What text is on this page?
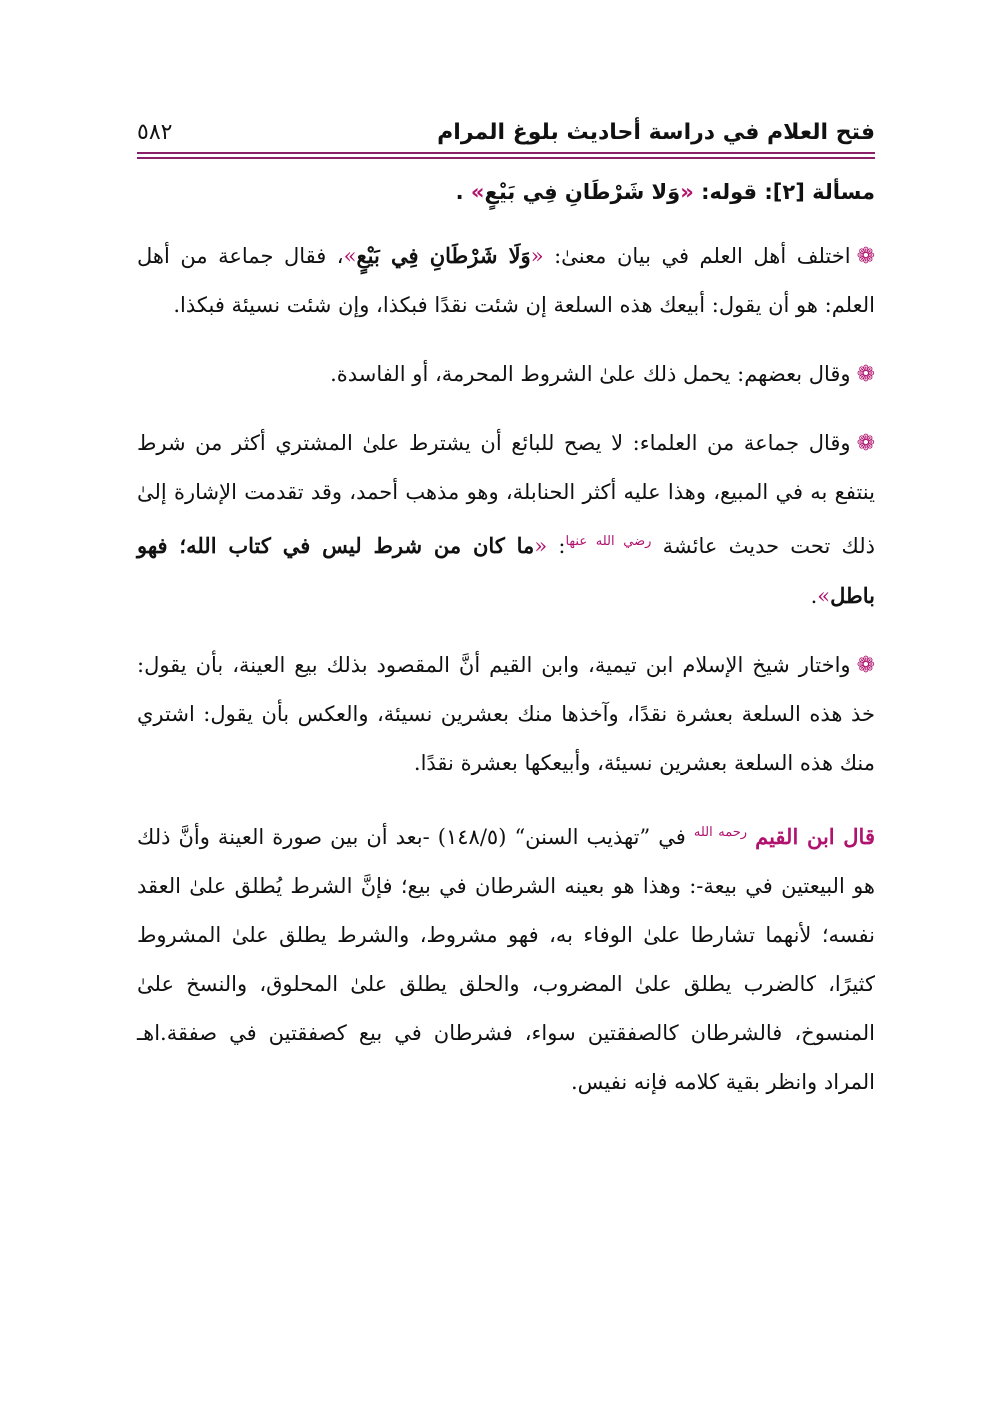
فتح العلام في دراسة أحاديث بلوغ المرام
٥٨٢

مسألة [٢]: قوله: «وَلا شَرْطَانِ فِي بَيْعٍ» .

❁اختلف أهل العلم في بيان معنىٰ: «وَلَا شَرْطَانِ فِي بَيْعٍ»، فقال جماعة من أهل العلم: هو أن يقول: أبيعك هذه السلعة إن شئت نقدًا فبكذا، وإن شئت نسيئة فبكذا.

❁وقال بعضهم: يحمل ذلك علىٰ الشروط المحرمة، أو الفاسدة.

❁وقال جماعة من العلماء: لا يصح للبائع أن يشترط علىٰ المشتري أكثر من شرط ينتفع به في المبيع، وهذا عليه أكثر الحنابلة، وهو مذهب أحمد، وقد تقدمت الإشارة إلىٰ ذلك تحت حديث عائشة $^{رضي الله عنها}$: «ما كان من شرط ليس في كتاب الله؛ فهو باطل».

❁واختار شيخ الإسلام ابن تيمية، وابن القيم أنَّ المقصود بذلك بيع العينة، بأن يقول: خذ هذه السلعة بعشرة نقدًا، وآخذها منك بعشرين نسيئة، والعكس بأن يقول: اشتري منك هذه السلعة بعشرين نسيئة، وأبيعكها بعشرة نقدًا.

قال ابن القيم $^{رحمه الله}$ في ”تهذيب السنن“ (١٤٨/٥) -بعد أن بين صورة العينة وأنَّ ذلك هو البيعتين في بيعة-: وهذا هو بعينه الشرطان في بيع؛ فإنَّ الشرط يُطلق علىٰ العقد نفسه؛ لأنهما تشارطا علىٰ الوفاء به، فهو مشروط، والشرط يطلق علىٰ المشروط كثيرًا، كالضرب يطلق علىٰ المضروب، والحلق يطلق علىٰ المحلوق، والنسخ علىٰ المنسوخ، فالشرطان كالصفقتين سواء، فشرطان في بيع كصفقتين في صفقة.اهـ المراد وانظر بقية كلامه فإنه نفيس.
